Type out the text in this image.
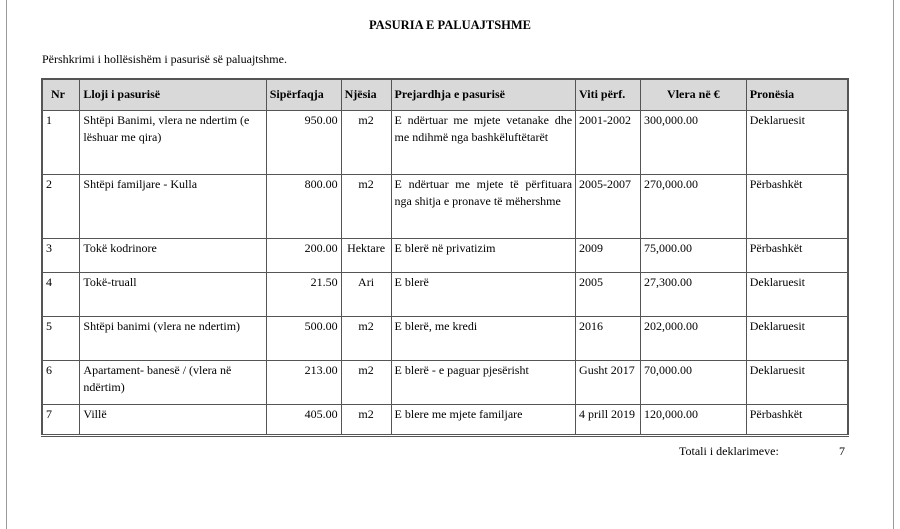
PASURIA E PALUAJTSHME
Përshkrimi i hollësishëm i pasurisë së paluajtshme.
Nr	Lloji i pasurisë	Sipërfaqja	Njësia	Prejardhja e pasurisë	Viti përf.	Vlera në €	Pronësia
1	Shtëpi Banimi, vlera ne ndertim (e lëshuar me qira)	950.00	m2	E ndërtuar me mjete vetanake dhe me ndihmë nga bashkëluftëtarët	2001-2002	300,000.00	Deklaruesit
2	Shtëpi familjare - Kulla	800.00	m2	E ndërtuar me mjete të përfituara nga shitja e pronave të mëhershme	2005-2007	270,000.00	Përbashkët
3	Tokë kodrinore	200.00	Hektare	E blerë në privatizim	2009	75,000.00	Përbashkët
4	Tokë-truall	21.50	Ari	E blerë	2005	27,300.00	Deklaruesit
5	Shtëpi banimi (vlera ne ndertim)	500.00	m2	E blerë, me kredi	2016	202,000.00	Deklaruesit
6	Apartament- banesë / (vlera në ndërtim)	213.00	m2	E blerë - e paguar pjesërisht	Gusht 2017	70,000.00	Deklaruesit
7	Villë	405.00	m2	E blere me mjete familjare	4 prill 2019	120,000.00	Përbashkët
Totali i deklarimeve:	7
